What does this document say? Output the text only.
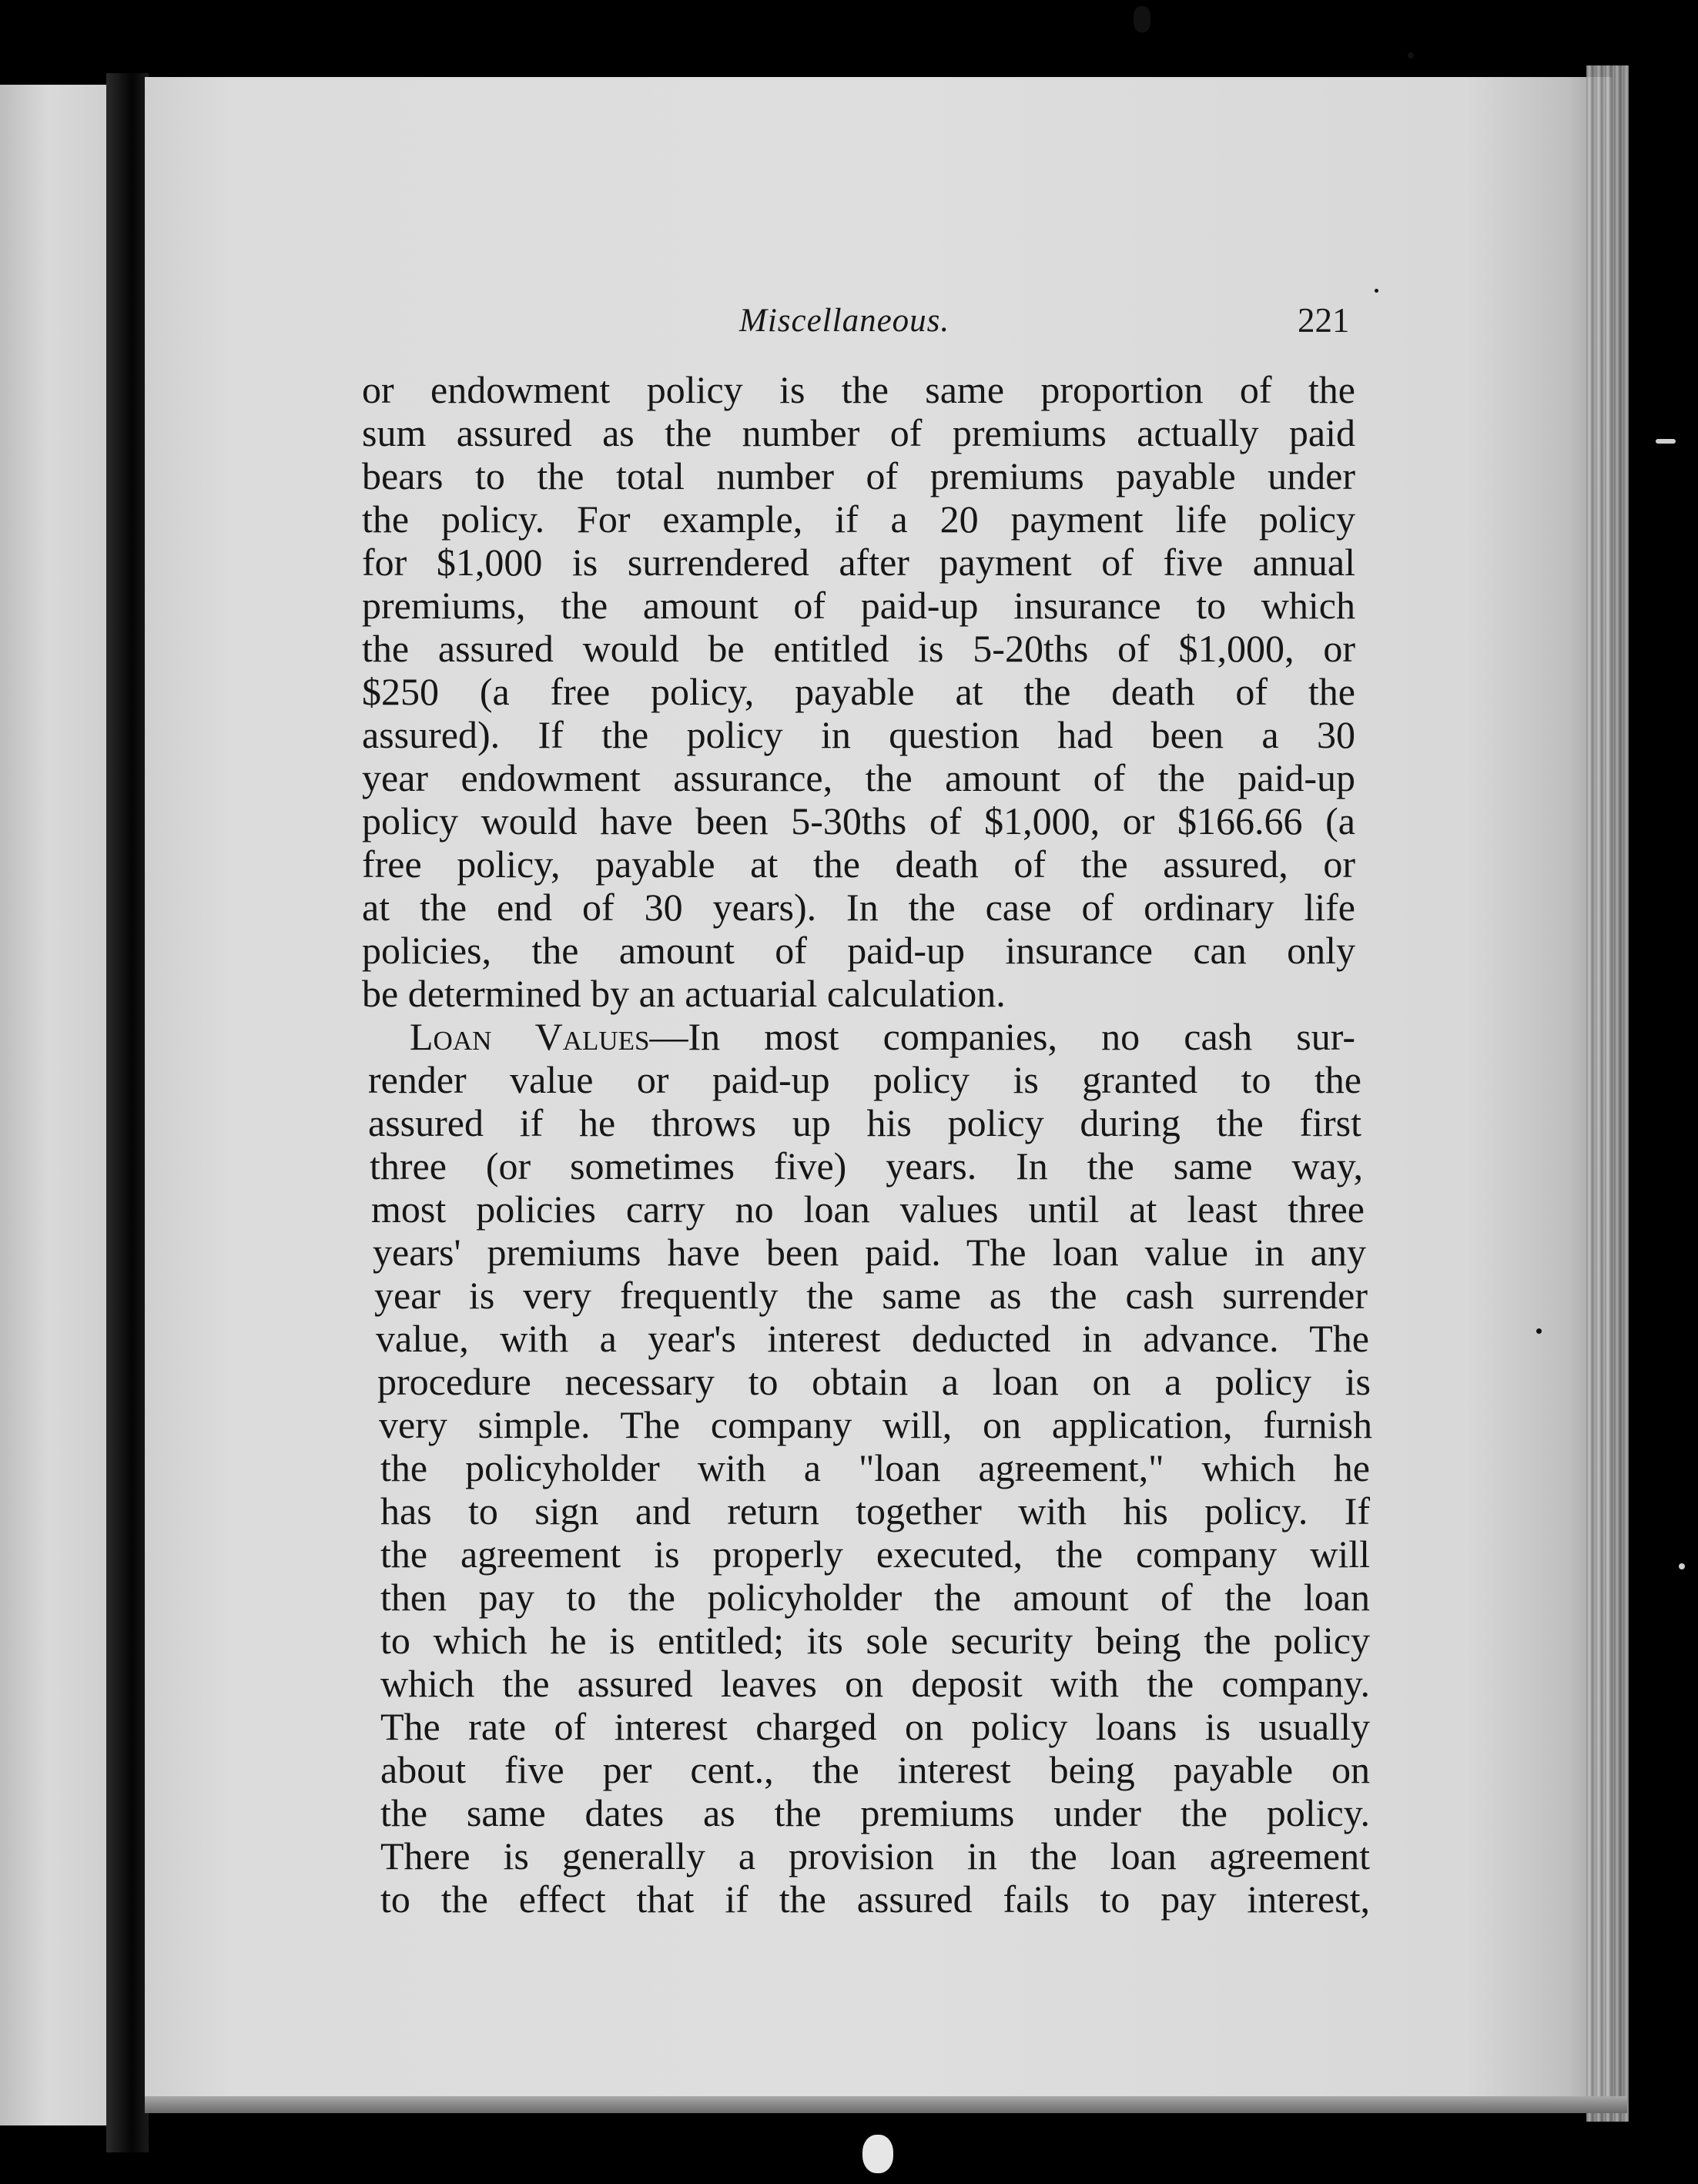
Miscellaneous.	221
or endowment policy is the same proportion of the
sum assured as the number of premiums actually paid
bears to the total number of premiums payable under
the policy. For example, if a 20 payment life policy
for $1,000 is surrendered after payment of five annual
premiums, the amount of paid-up insurance to which
the assured would be entitled is 5-20ths of $1,000, or
$250 (a free policy, payable at the death of the
assured). If the policy in question had been a 30
year endowment assurance, the amount of the paid-up
policy would have been 5-30ths of $1,000, or $166.66 (a
free policy, payable at the death of the assured, or
at the end of 30 years). In the case of ordinary life
policies, the amount of paid-up insurance can only
be determined by an actuarial calculation.
Loan Values—In most companies, no cash sur-
render value or paid-up policy is granted to the
assured if he throws up his policy during the first
three (or sometimes five) years. In the same way,
most policies carry no loan values until at least three
years' premiums have been paid. The loan value in any
year is very frequently the same as the cash surrender
value, with a year's interest deducted in advance. The
procedure necessary to obtain a loan on a policy is
very simple. The company will, on application, furnish
the policyholder with a "loan agreement," which he
has to sign and return together with his policy. If
the agreement is properly executed, the company will
then pay to the policyholder the amount of the loan
to which he is entitled; its sole security being the policy
which the assured leaves on deposit with the company.
The rate of interest charged on policy loans is usually
about five per cent., the interest being payable on
the same dates as the premiums under the policy.
There is generally a provision in the loan agreement
to the effect that if the assured fails to pay interest,
